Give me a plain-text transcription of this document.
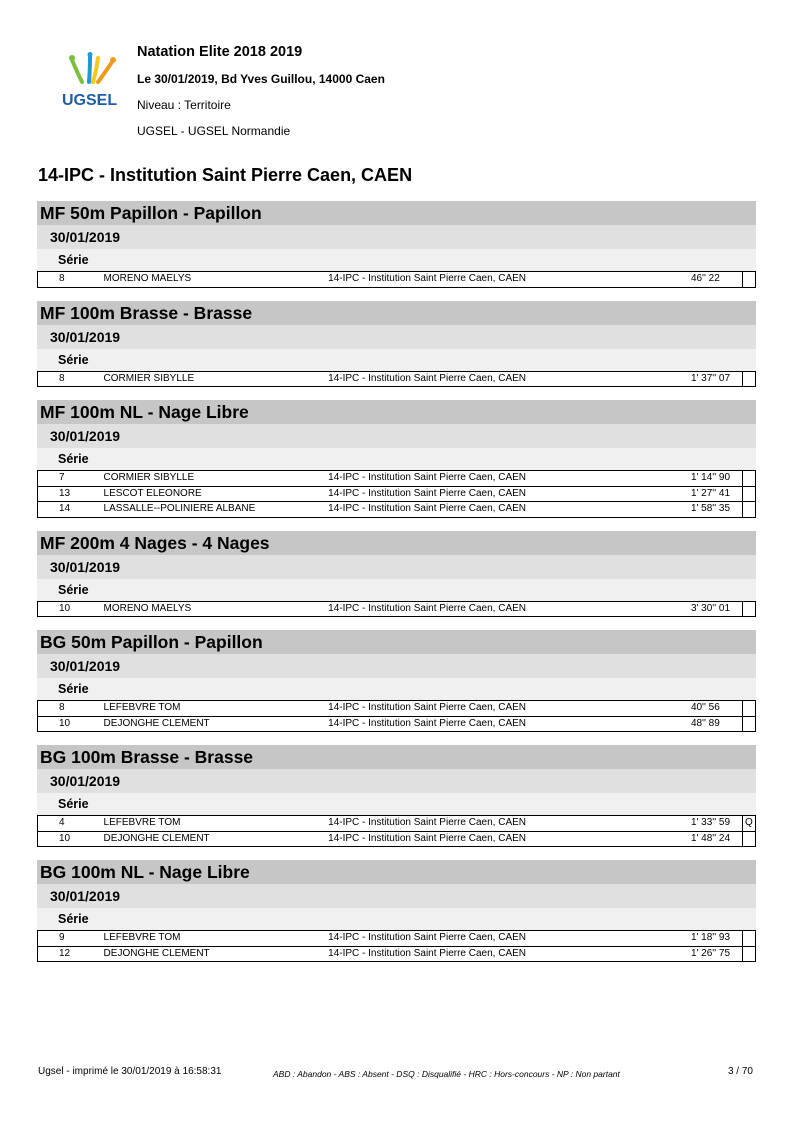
UGSEL
Natation Elite 2018 2019
Le 30/01/2019, Bd Yves Guillou, 14000 Caen
Niveau : Territoire
UGSEL - UGSEL Normandie
14-IPC - Institution Saint Pierre Caen, CAEN
MF 50m Papillon - Papillon
30/01/2019
Série
8	MORENO MAELYS	14-IPC - Institution Saint Pierre Caen, CAEN	46'' 22	
MF 100m Brasse - Brasse
30/01/2019
Série
8	CORMIER SIBYLLE	14-IPC - Institution Saint Pierre Caen, CAEN	1' 37'' 07	
MF 100m NL - Nage Libre
30/01/2019
Série
7	CORMIER SIBYLLE	14-IPC - Institution Saint Pierre Caen, CAEN	1' 14'' 90	
13	LESCOT ELEONORE	14-IPC - Institution Saint Pierre Caen, CAEN	1' 27'' 41	
14	LASSALLE--POLINIERE ALBANE	14-IPC - Institution Saint Pierre Caen, CAEN	1' 58'' 35	
MF 200m 4 Nages - 4 Nages
30/01/2019
Série
10	MORENO MAELYS	14-IPC - Institution Saint Pierre Caen, CAEN	3' 30'' 01	
BG 50m Papillon - Papillon
30/01/2019
Série
8	LEFEBVRE TOM	14-IPC - Institution Saint Pierre Caen, CAEN	40'' 56	
10	DEJONGHE CLEMENT	14-IPC - Institution Saint Pierre Caen, CAEN	48'' 89	
BG 100m Brasse - Brasse
30/01/2019
Série
4	LEFEBVRE TOM	14-IPC - Institution Saint Pierre Caen, CAEN	1' 33'' 59	Q
10	DEJONGHE CLEMENT	14-IPC - Institution Saint Pierre Caen, CAEN	1' 48'' 24	
BG 100m NL - Nage Libre
30/01/2019
Série
9	LEFEBVRE TOM	14-IPC - Institution Saint Pierre Caen, CAEN	1' 18'' 93	
12	DEJONGHE CLEMENT	14-IPC - Institution Saint Pierre Caen, CAEN	1' 26'' 75	
Ugsel - imprimé le 30/01/2019 à 16:58:31	ABD : Abandon - ABS : Absent - DSQ : Disqualifié - HRC : Hors-concours - NP : Non partant	3 / 70
